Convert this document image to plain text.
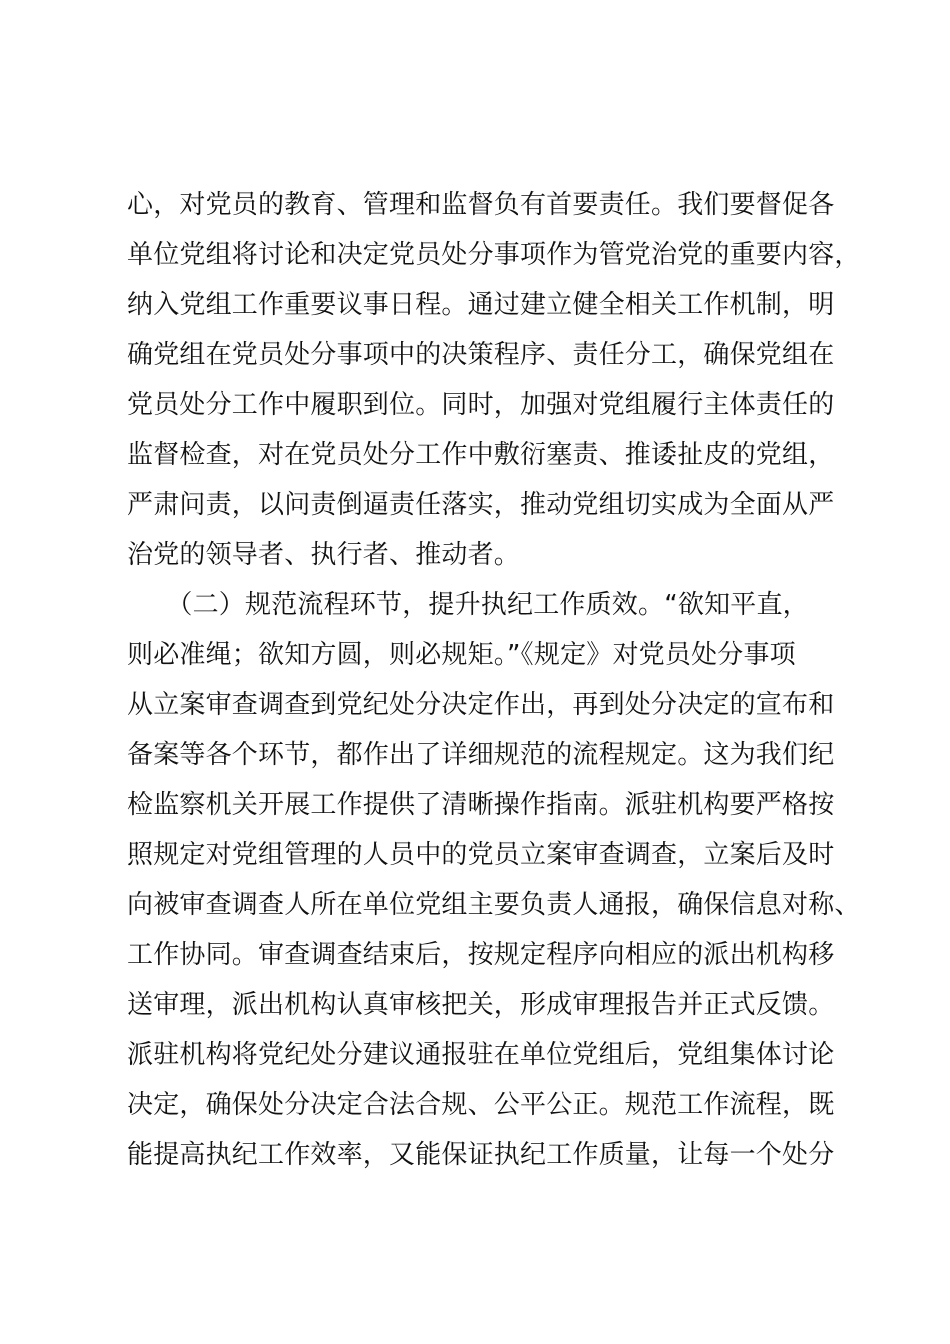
心，对党员的教育、管理和监督负有首要责任。我们要督促各
单位党组将讨论和决定党员处分事项作为管党治党的重要内容，
纳入党组工作重要议事日程。通过建立健全相关工作机制，明
确党组在党员处分事项中的决策程序、责任分工，确保党组在
党员处分工作中履职到位。同时，加强对党组履行主体责任的
监督检查，对在党员处分工作中敷衍塞责、推诿扯皮的党组，
严肃问责，以问责倒逼责任落实，推动党组切实成为全面从严
治党的领导者、执行者、推动者。
　　（二）规范流程环节，提升执纪工作质效。“欲知平直，
则必准绳；欲知方圆，则必规矩。”《规定》对党员处分事项
从立案审查调查到党纪处分决定作出，再到处分决定的宣布和
备案等各个环节，都作出了详细规范的流程规定。这为我们纪
检监察机关开展工作提供了清晰操作指南。派驻机构要严格按
照规定对党组管理的人员中的党员立案审查调查，立案后及时
向被审查调查人所在单位党组主要负责人通报，确保信息对称、
工作协同。审查调查结束后，按规定程序向相应的派出机构移
送审理，派出机构认真审核把关，形成审理报告并正式反馈。
派驻机构将党纪处分建议通报驻在单位党组后，党组集体讨论
决定，确保处分决定合法合规、公平公正。规范工作流程，既
能提高执纪工作效率，又能保证执纪工作质量，让每一个处分
